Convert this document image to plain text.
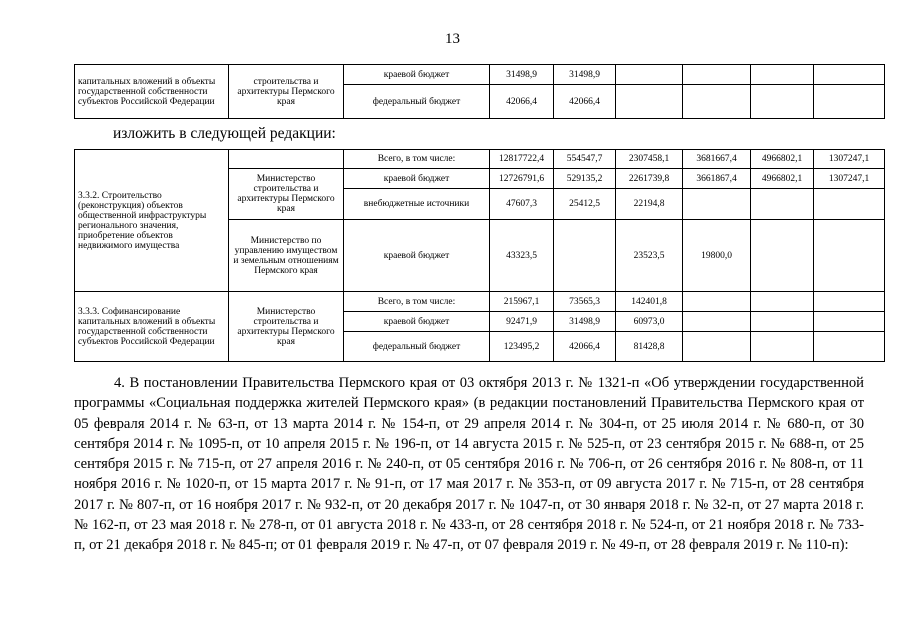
13
капитальных вложений в объекты государственной собственности субъектов Российской Федерации	строительства и архитектуры Пермского края	краевой бюджет	31498,9	31498,9				
		федеральный бюджет	42066,4	42066,4				
изложить в следующей редакции:
3.3.2. Строительство (реконструкция) объектов общественной инфраструктуры регионального значения, приобретение объектов недвижимого имущества		Всего, в том числе:	12817722,4	554547,7	2307458,1	3681667,4	4966802,1	1307247,1
	Министерство строительства и архитектуры Пермского края	краевой бюджет	12726791,6	529135,2	2261739,8	3661867,4	4966802,1	1307247,1
		внебюджетные источники	47607,3	25412,5	22194,8			
	Министерство по управлению имуществом и земельным отношениям Пермского края	краевой бюджет	43323,5		23523,5	19800,0		
3.3.3. Софинансирование капитальных вложений в объекты государственной собственности субъектов Российской Федерации	Министерство строительства и архитектуры Пермского края	Всего, в том числе:	215967,1	73565,3	142401,8			
		краевой бюджет	92471,9	31498,9	60973,0			
		федеральный бюджет	123495,2	42066,4	81428,8			

4. В постановлении Правительства Пермского края от 03 октября 2013 г. № 1321-п «Об утверждении государственной программы «Социальная поддержка жителей Пермского края» (в редакции постановлений Правительства Пермского края от 05 февраля 2014 г. № 63-п, от 13 марта 2014 г. № 154-п, от 29 апреля 2014 г. № 304-п, от 25 июля 2014 г. № 680-п, от 30 сентября 2014 г. № 1095-п, от 10 апреля 2015 г. № 196-п, от 14 августа 2015 г. № 525-п, от 23 сентября 2015 г. № 688-п, от 25 сентября 2015 г. № 715-п, от 27 апреля 2016 г. № 240-п, от 05 сентября 2016 г. № 706-п, от 26 сентября 2016 г. № 808-п, от 11 ноября 2016 г. № 1020-п, от 15 марта 2017 г. № 91-п, от 17 мая 2017 г. № 353-п, от 09 августа 2017 г. № 715-п, от 28 сентября 2017 г. № 807-п, от 16 ноября 2017 г. № 932-п, от 20 декабря 2017 г. № 1047-п, от 30 января 2018 г. № 32-п, от 27 марта 2018 г. № 162-п, от 23 мая 2018 г. № 278-п, от 01 августа 2018 г. № 433-п, от 28 сентября 2018 г. № 524-п, от 21 ноября 2018 г. № 733-п, от 21 декабря 2018 г. № 845-п; от 01 февраля 2019 г. № 47-п, от 07 февраля 2019 г. № 49-п, от 28 февраля 2019 г. № 110-п):
